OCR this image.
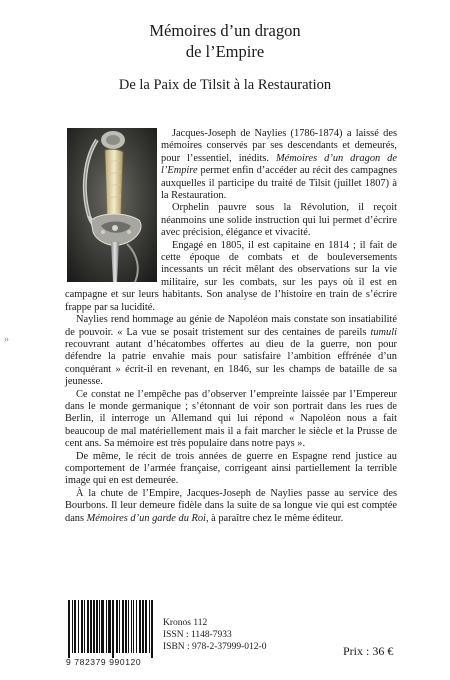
Mémoires d’un dragon
de l’Empire
De la Paix de Tilsit à la Restauration

Jacques-Joseph de Naylies (1786-1874) a laissé des mémoires conservés par ses descendants et demeurés, pour l’essentiel, inédits. Mémoires d’un dragon de l’Empire permet enfin d’accéder au récit des campagnes auxquelles il participe du traité de Tilsit (juillet 1807) à la Restauration.

Orphelin pauvre sous la Révolution, il reçoit néanmoins une solide instruction qui lui permet d’écrire avec précision, élégance et vivacité.

Engagé en 1805, il est capitaine en 1814 ; il fait de cette époque de combats et de bouleversements incessants un récit mêlant des observations sur la vie militaire, sur les combats, sur les pays où il est en campagne et sur leurs habitants. Son analyse de l’histoire en train de s’écrire frappe par sa lucidité.

Naylies rend hommage au génie de Napoléon mais constate son insatiabilité de pouvoir. « La vue se posait tristement sur des centaines de pareils tumuli recouvrant autant d’hécatombes offertes au dieu de la guerre, non pour défendre la patrie envahie mais pour satisfaire l’ambition effrénée d’un conquérant » écrit-il en revenant, en 1846, sur les champs de bataille de sa jeunesse.

Ce constat ne l’empêche pas d’observer l’empreinte laissée par l’Empereur dans le monde germanique ; s’étonnant de voir son portrait dans les rues de Berlin, il interroge un Allemand qui lui répond « Napoléon nous a fait beaucoup de mal matériellement mais il a fait marcher le siècle et la Prusse de cent ans. Sa mémoire est très populaire dans notre pays ».

De même, le récit de trois années de guerre en Espagne rend justice au comportement de l’armée française, corrigeant ainsi partiellement la terrible image qui en est demeurée.

À la chute de l’Empire, Jacques-Joseph de Naylies passe au service des Bourbons. Il leur demeure fidèle dans la suite de sa longue vie qui est comptée dans Mémoires d’un garde du Roi, à paraître chez le même éditeur.

9 782379 990120
Kronos 112
ISSN : 1148-7933
ISBN : 978-2-37999-012-0	Prix : 36 €
»
